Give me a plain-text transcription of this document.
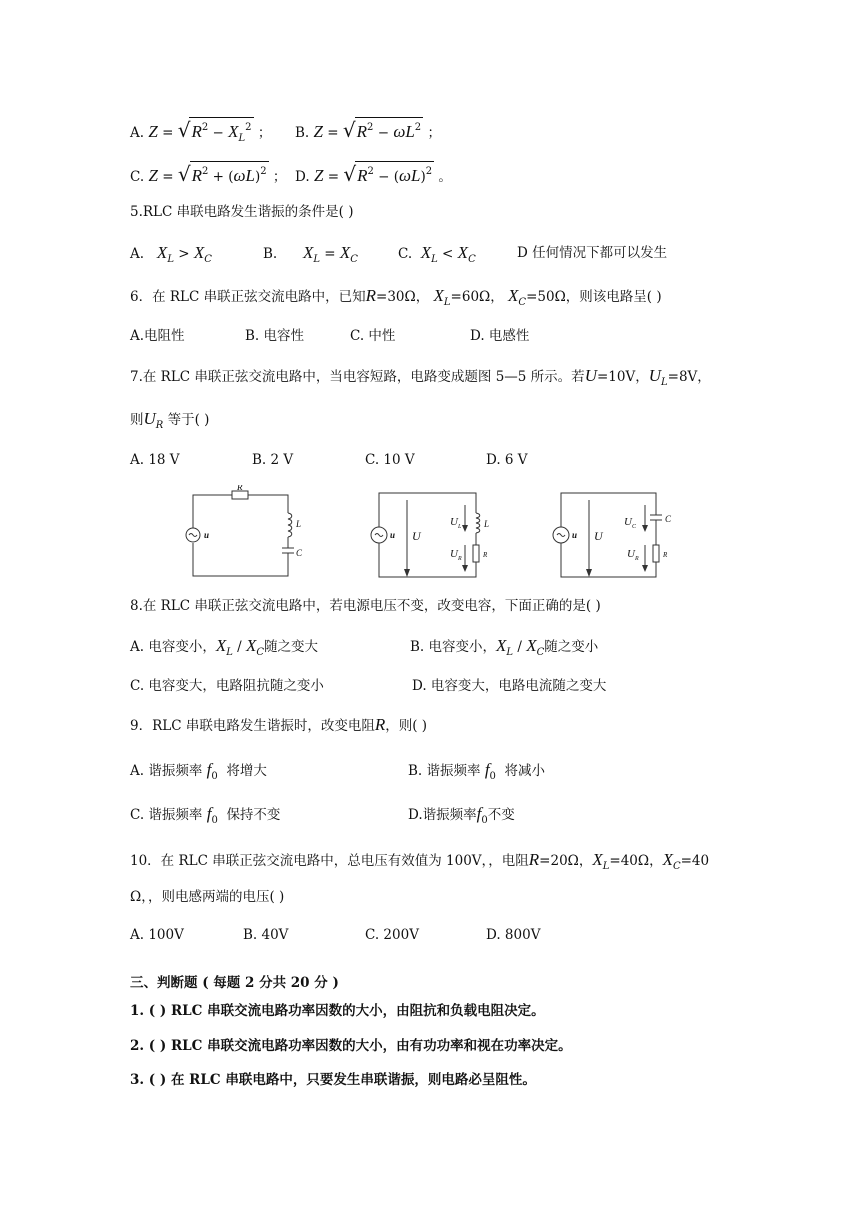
A. $Z = √R^2 - X_L^2$ ； B. $Z = √R^2 - \omega L^2$ ；
C. $Z = √R^2 + (\omega L)^2$ ； D. $Z = √R^2 - (\omega L)^2$ 。
5.RLC 串联电路发生谐振的条件是( )
A. $X_L > X_C$	B. $X_L = X_C$	C. $X_L < X_C$	D 任何情况下都可以发生
6．在 RLC 串联正弦交流电路中，已知R=30Ω， $X_L=60\Omega$， $X_C=50\Omega$，则该电路呈( )
A.电阻性	B. 电容性	C. 中性	D. 电感性
7.在 RLC 串联正弦交流电路中，当电容短路，电路变成题图 5—5 所示。若U=10V，$U_L=8V$，
则$U_R$ 等于( )
A. 18 V	B. 2 V	C. 10 V	D. 6 V
R
L
C
u	u U
U L	L
U R	R
u U
U C
C
U R	R
8.在 RLC 串联正弦交流电路中，若电源电压不变，改变电容，下面正确的是( )
A. 电容变小，$X_L / X_C$随之变大	B. 电容变小，$X_L / X_C$随之变小
C. 电容变大，电路阻抗随之变小	D. 电容变大，电路电流随之变大
9．RLC 串联电路发生谐振时，改变电阻R，则( )
A. 谐振频率 $f_0$ 将增大	B. 谐振频率 $f_0$ 将减小
C. 谐振频率 $f_0$ 保持不变	D.谐振频率$f_0$不变
10．在 RLC 串联正弦交流电路中，总电压有效值为 100V，，电阻R=20Ω，$X_L=40\Omega$，$X_C=40$
Ω，，则电感两端的电压( )
A. 100V	B. 40V	C. 200V	D. 800V
三、判断题 ( 每题 2 分共 20 分 )
1. ( ) RLC 串联交流电路功率因数的大小，由阻抗和负载电阻决定。
2. ( ) RLC 串联交流电路功率因数的大小，由有功功率和视在功率决定。
3. ( ) 在 RLC 串联电路中，只要发生串联谐振，则电路必呈阻性。
